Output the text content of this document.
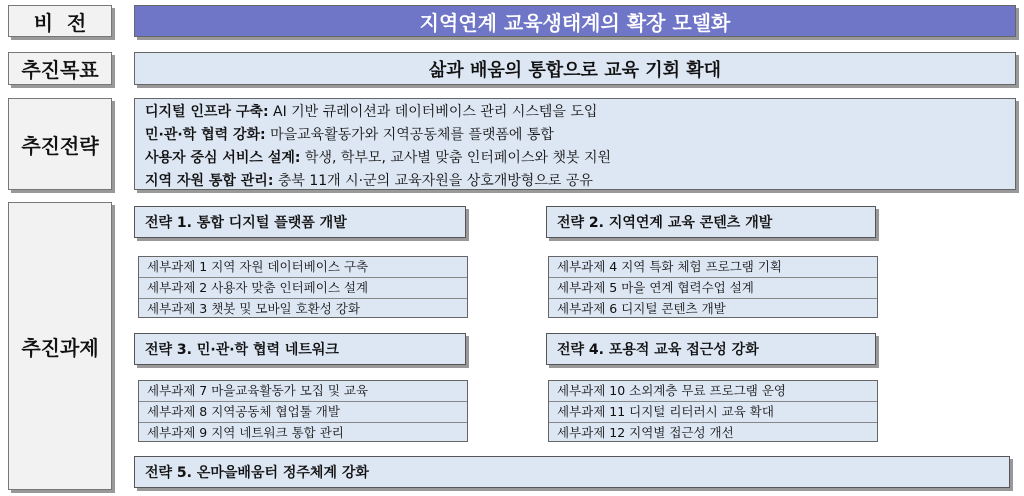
비  전	지역연계 교육생태계의 확장 모델화
추진목표	삶과 배움의 통합으로 교육 기회 확대
추진전략
디지털 인프라 구축: AI 기반 큐레이션과 데이터베이스 관리 시스템을 도입
민·관·학 협력 강화: 마을교육활동가와 지역공동체를 플랫폼에 통합
사용자 중심 서비스 설계: 학생, 학부모, 교사별 맞춤 인터페이스와 챗봇 지원
지역 자원 통합 관리: 충북 11개 시·군의 교육자원을 상호개방형으로 공유
추진과제
전략 1. 통합 디지털 플랫폼 개발
세부과제 1 지역 자원 데이터베이스 구축
세부과제 2 사용자 맞춤 인터페이스 설계
세부과제 3 챗봇 및 모바일 호환성 강화
전략 2. 지역연계 교육 콘텐츠 개발
세부과제 4 지역 특화 체험 프로그램 기획
세부과제 5 마을 연계 협력수업 설계
세부과제 6 디지털 콘텐츠 개발
전략 3. 민·관·학 협력 네트워크
세부과제 7 마을교육활동가 모집 및 교육
세부과제 8 지역공동체 협업툴 개발
세부과제 9 지역 네트워크 통합 관리
전략 4. 포용적 교육 접근성 강화
세부과제 10 소외계층 무료 프로그램 운영
세부과제 11 디지털 리터러시 교육 확대
세부과제 12 지역별 접근성 개선
전략 5. 온마을배움터 정주체계 강화
